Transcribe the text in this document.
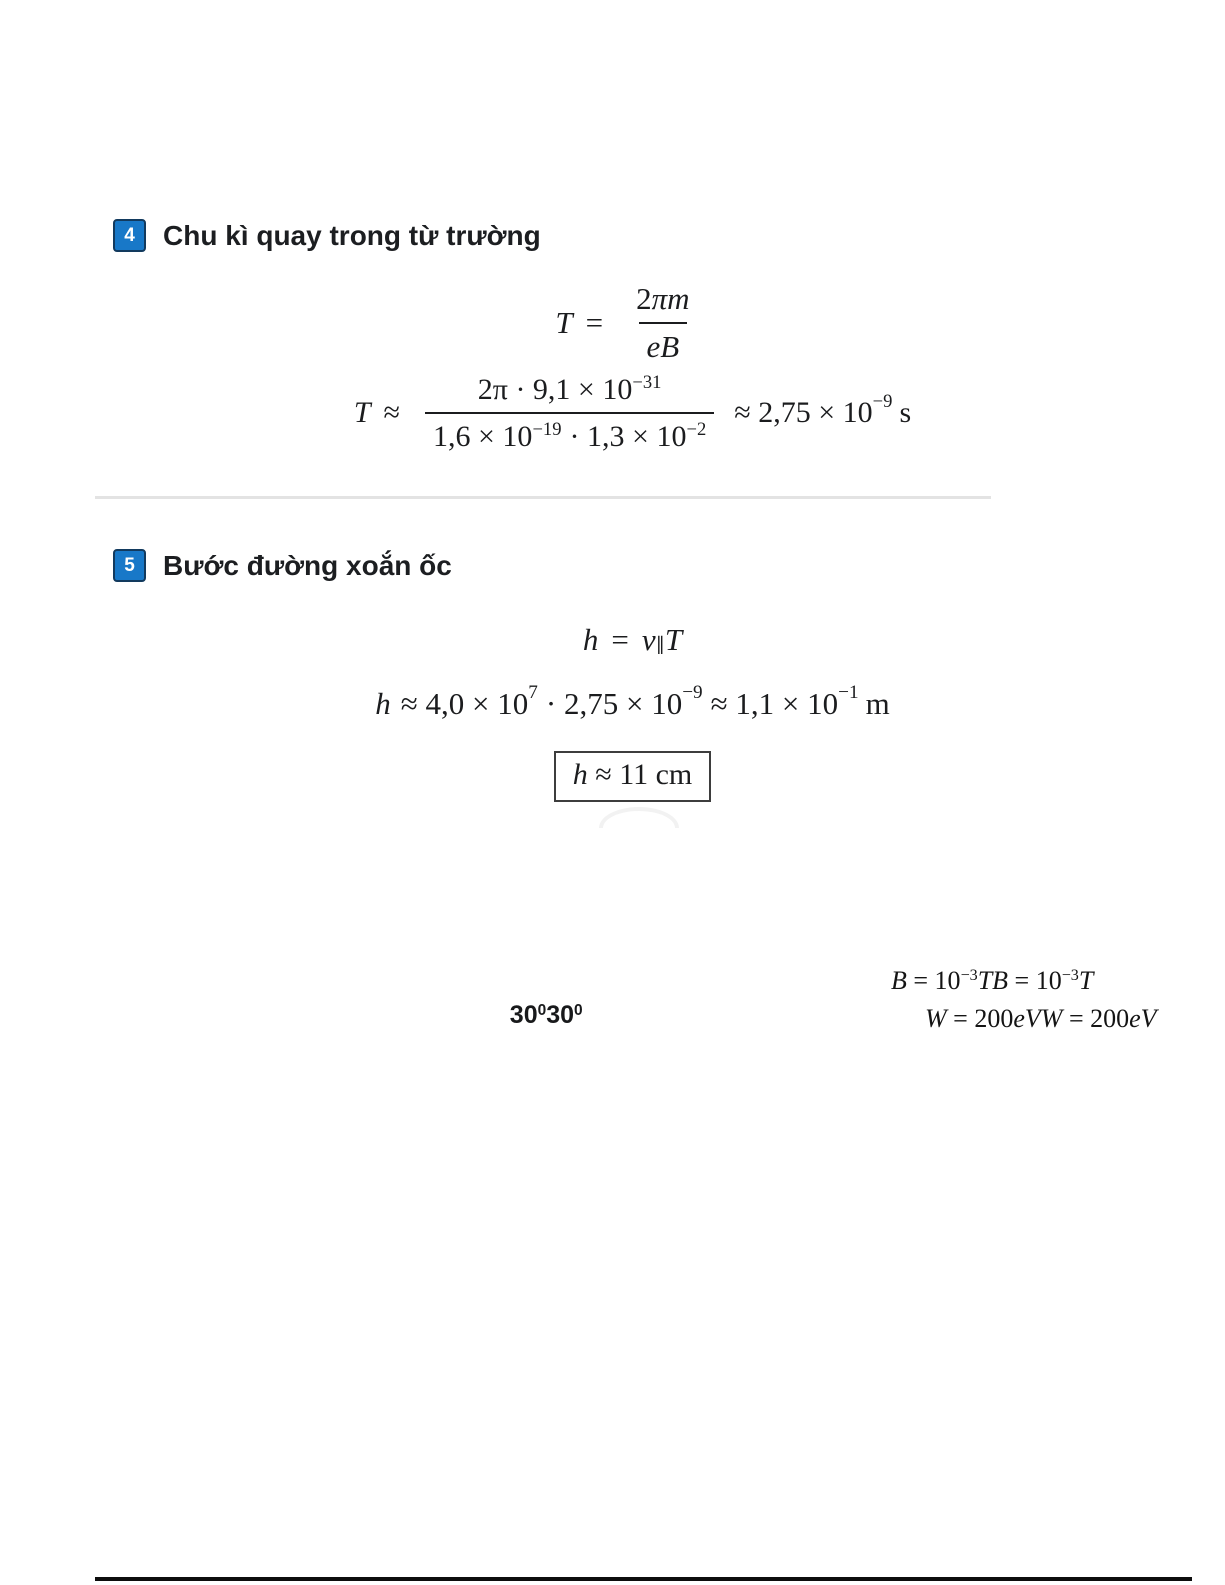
4	Chu kì quay trong từ trường
$T = \frac{2\pi m}{eB}$
$T \approx \frac{2\pi \cdot 9,1 \times 10^{-31}}{1,6 \times 10^{-19} \cdot 1,3 \times 10^{-2}} \approx 2,75 \times 10 -9$ s
5	Bước đường xoắn ốc
h = v ∥ T
h ≈ 4,0 × 10 7 · 2,75 × 10 −9 ≈ 1,1 × 10 −1 m
h ≈ 11 cm

$30^030^0$

$B = 10^{-3}TB = 10^{-3}T$

W = 200eVW = 200eV
